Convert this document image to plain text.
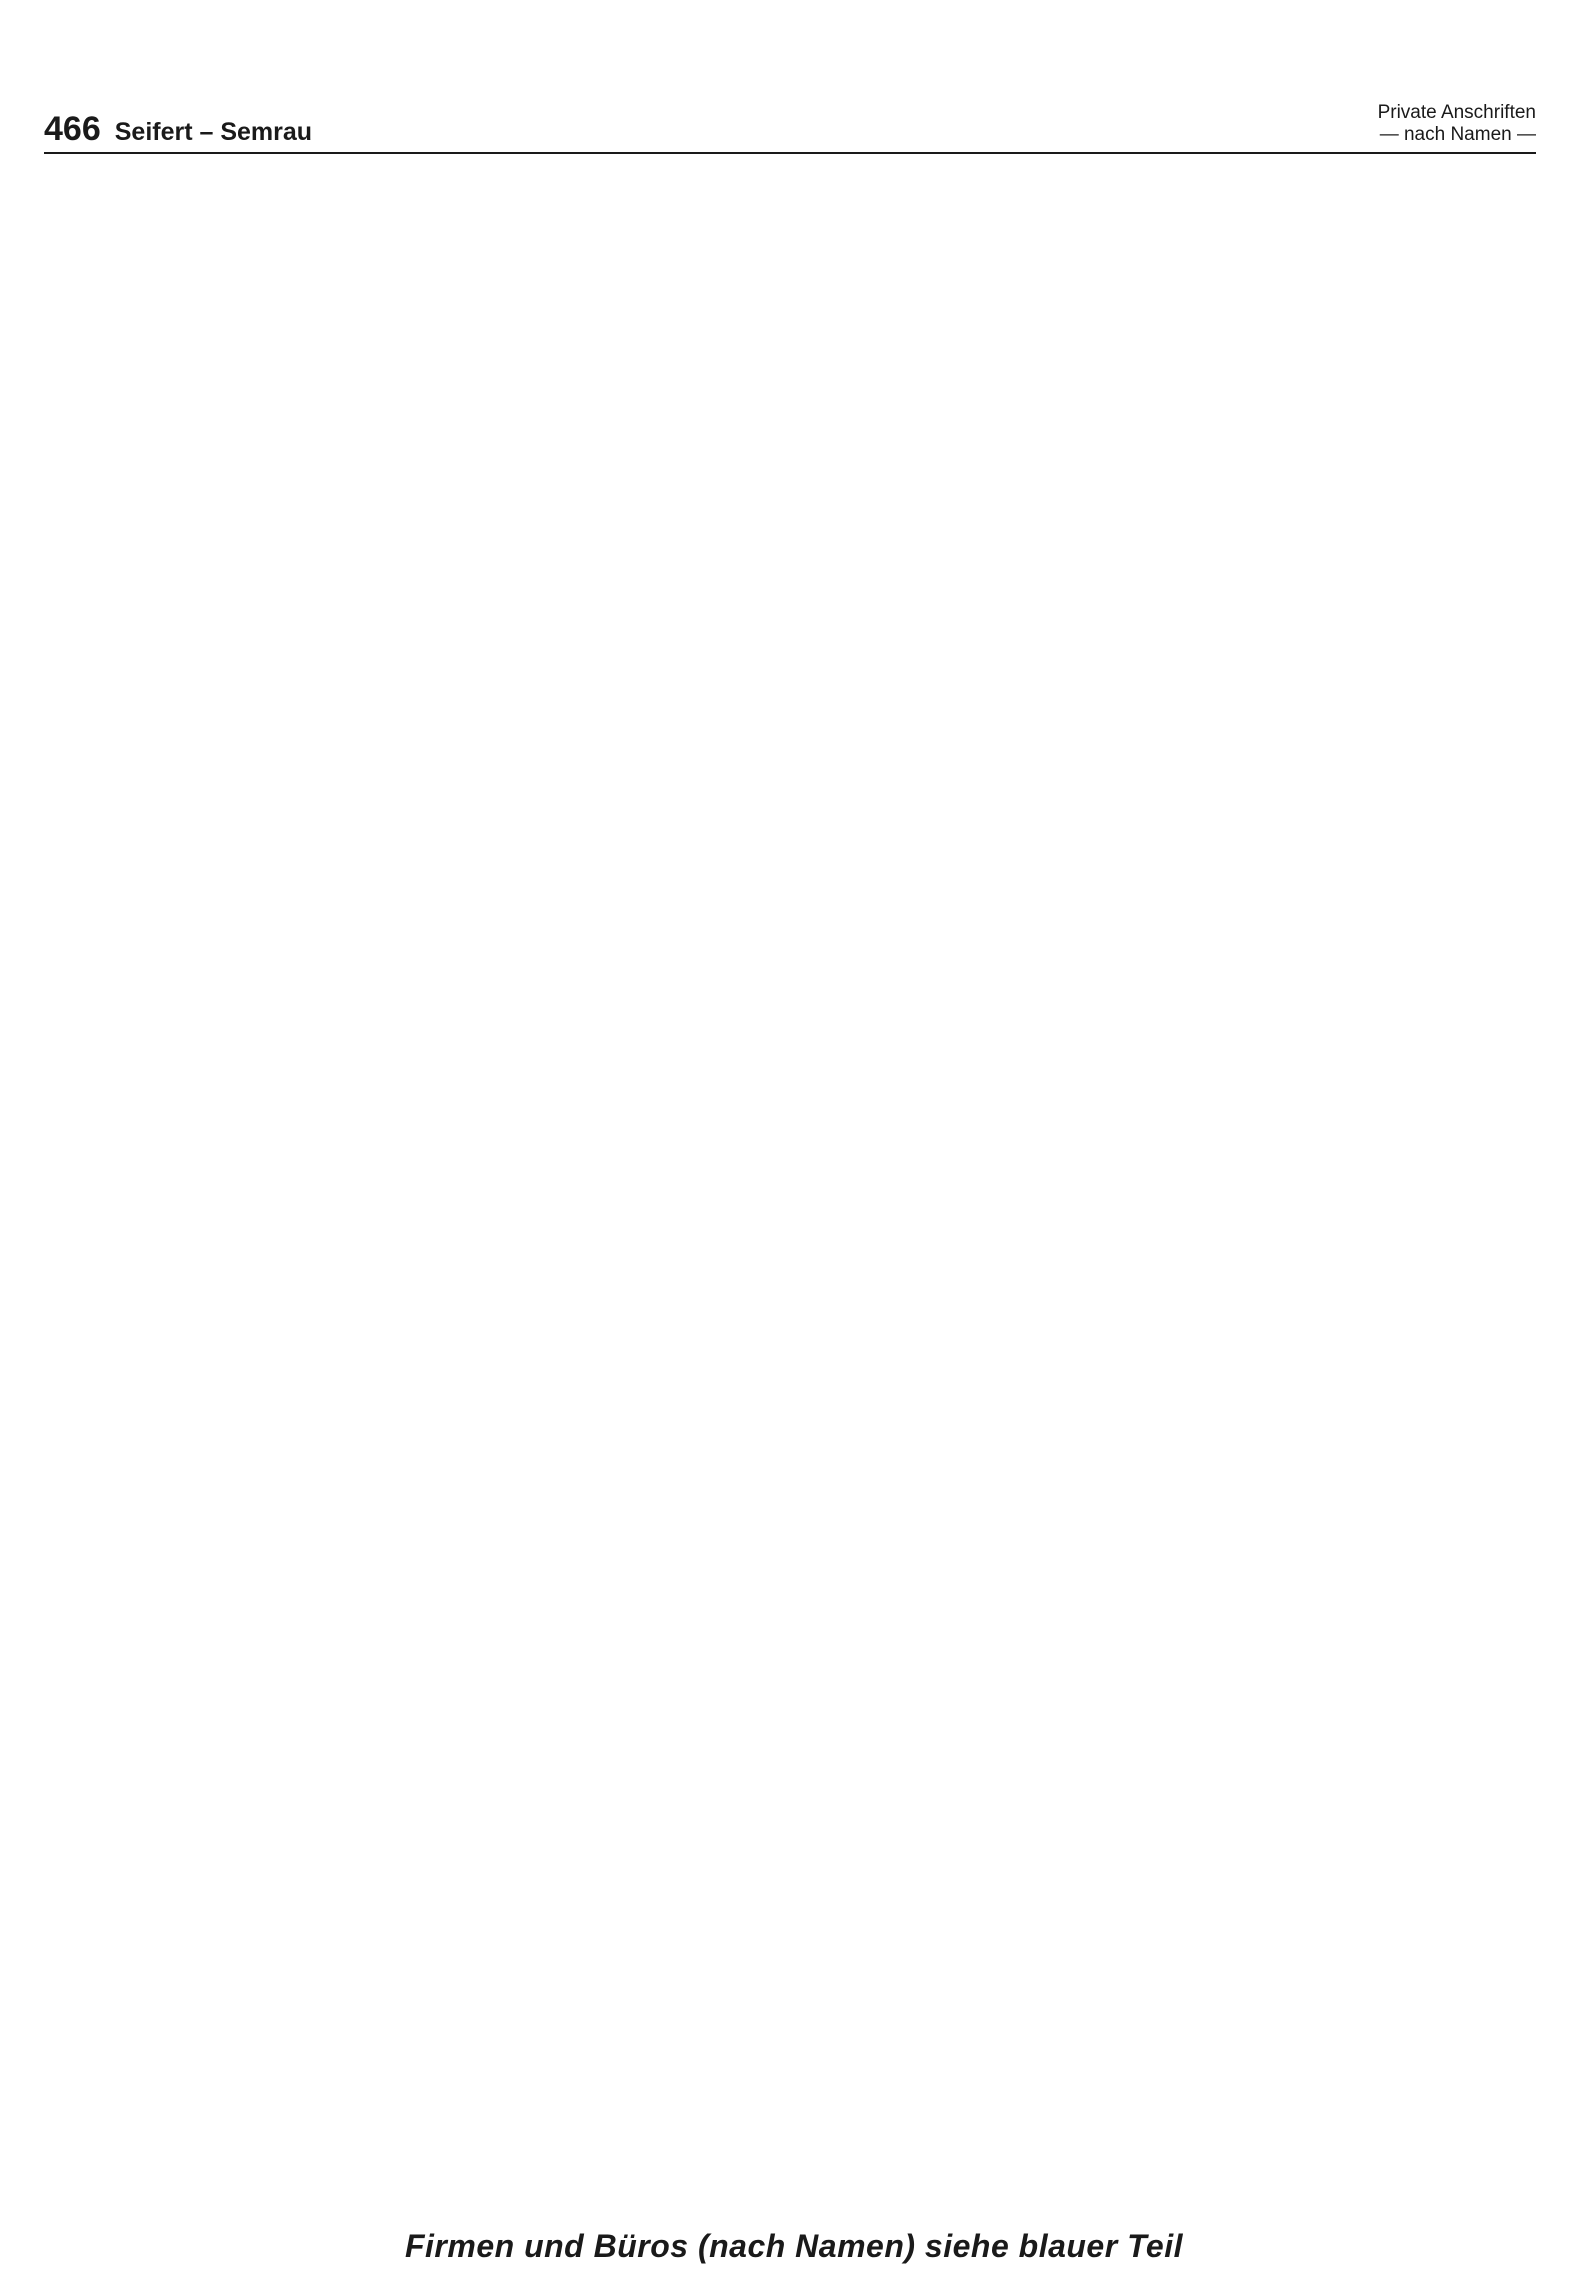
466 Seifert – Semrau
Private Anschriften
— nach Namen —
Firmen und Büros (nach Namen) siehe blauer Teil
